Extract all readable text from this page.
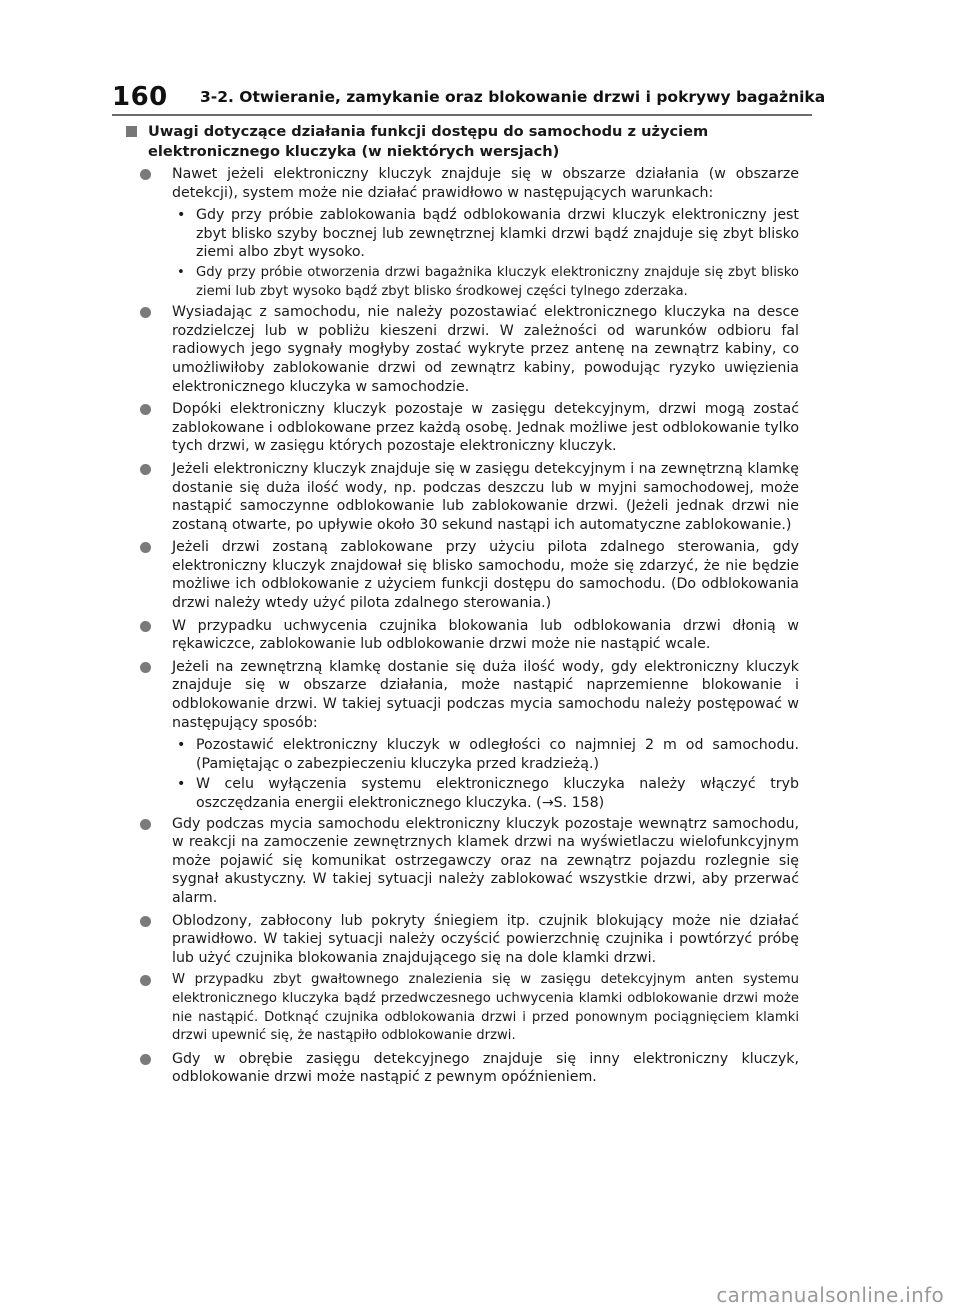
160 3-2. Otwieranie, zamykanie oraz blokowanie drzwi i pokrywy bagażnika
Uwagi dotyczące działania funkcji dostępu do samochodu z użyciem elektronicznego kluczyka (w niektórych wersjach)
Nawet jeżeli elektroniczny kluczyk znajduje się w obszarze działania (w obszarze detekcji), system może nie działać prawidłowo w następujących warunkach:
• Gdy przy próbie zablokowania bądź odblokowania drzwi kluczyk elektroniczny jest zbyt blisko szyby bocznej lub zewnętrznej klamki drzwi bądź znajduje się zbyt blisko ziemi albo zbyt wysoko.
• Gdy przy próbie otworzenia drzwi bagażnika kluczyk elektroniczny znajduje się zbyt blisko ziemi lub zbyt wysoko bądź zbyt blisko środkowej części tylnego zderzaka.
Wysiadając z samochodu, nie należy pozostawiać elektronicznego kluczyka na desce rozdzielczej lub w pobliżu kieszeni drzwi. W zależności od warunków odbioru fal radiowych jego sygnały mogłyby zostać wykryte przez antenę na zewnątrz kabiny, co umożliwiłoby zablokowanie drzwi od zewnątrz kabiny, powodując ryzyko uwięzienia elektronicznego kluczyka w samochodzie.
Dopóki elektroniczny kluczyk pozostaje w zasięgu detekcyjnym, drzwi mogą zostać zablokowane i odblokowane przez każdą osobę. Jednak możliwe jest odblokowanie tylko tych drzwi, w zasięgu których pozostaje elektroniczny kluczyk.
Jeżeli elektroniczny kluczyk znajduje się w zasięgu detekcyjnym i na zewnętrzną klamkę dostanie się duża ilość wody, np. podczas deszczu lub w myjni samochodowej, może nastąpić samoczynne odblokowanie lub zablokowanie drzwi. (Jeżeli jednak drzwi nie zostaną otwarte, po upływie około 30 sekund nastąpi ich automatyczne zablokowanie.)
Jeżeli drzwi zostaną zablokowane przy użyciu pilota zdalnego sterowania, gdy elektroniczny kluczyk znajdował się blisko samochodu, może się zdarzyć, że nie będzie możliwe ich odblokowanie z użyciem funkcji dostępu do samochodu. (Do odblokowania drzwi należy wtedy użyć pilota zdalnego sterowania.)
W przypadku uchwycenia czujnika blokowania lub odblokowania drzwi dłonią w rękawiczce, zablokowanie lub odblokowanie drzwi może nie nastąpić wcale.
Jeżeli na zewnętrzną klamkę dostanie się duża ilość wody, gdy elektroniczny kluczyk znajduje się w obszarze działania, może nastąpić naprzemienne blokowanie i odblokowanie drzwi. W takiej sytuacji podczas mycia samochodu należy postępować w następujący sposób:
• Pozostawić elektroniczny kluczyk w odległości co najmniej 2 m od samochodu. (Pamiętając o zabezpieczeniu kluczyka przed kradzieżą.)
• W celu wyłączenia systemu elektronicznego kluczyka należy włączyć tryb oszczędzania energii elektronicznego kluczyka. (→S. 158)
Gdy podczas mycia samochodu elektroniczny kluczyk pozostaje wewnątrz samochodu, w reakcji na zamoczenie zewnętrznych klamek drzwi na wyświetlaczu wielofunkcyjnym może pojawić się komunikat ostrzegawczy oraz na zewnątrz pojazdu rozlegnie się sygnał akustyczny. W takiej sytuacji należy zablokować wszystkie drzwi, aby przerwać alarm.
Oblodzony, zabłocony lub pokryty śniegiem itp. czujnik blokujący może nie działać prawidłowo. W takiej sytuacji należy oczyścić powierzchnię czujnika i powtórzyć próbę lub użyć czujnika blokowania znajdującego się na dole klamki drzwi.
W przypadku zbyt gwałtownego znalezienia się w zasięgu detekcyjnym anten systemu elektronicznego kluczyka bądź przedwczesnego uchwycenia klamki odblokowanie drzwi może nie nastąpić. Dotknąć czujnika odblokowania drzwi i przed ponownym pociągnięciem klamki drzwi upewnić się, że nastąpiło odblokowanie drzwi.
Gdy w obrębie zasięgu detekcyjnego znajduje się inny elektroniczny kluczyk, odblokowanie drzwi może nastąpić z pewnym opóźnieniem.
carmanualsonline.info
